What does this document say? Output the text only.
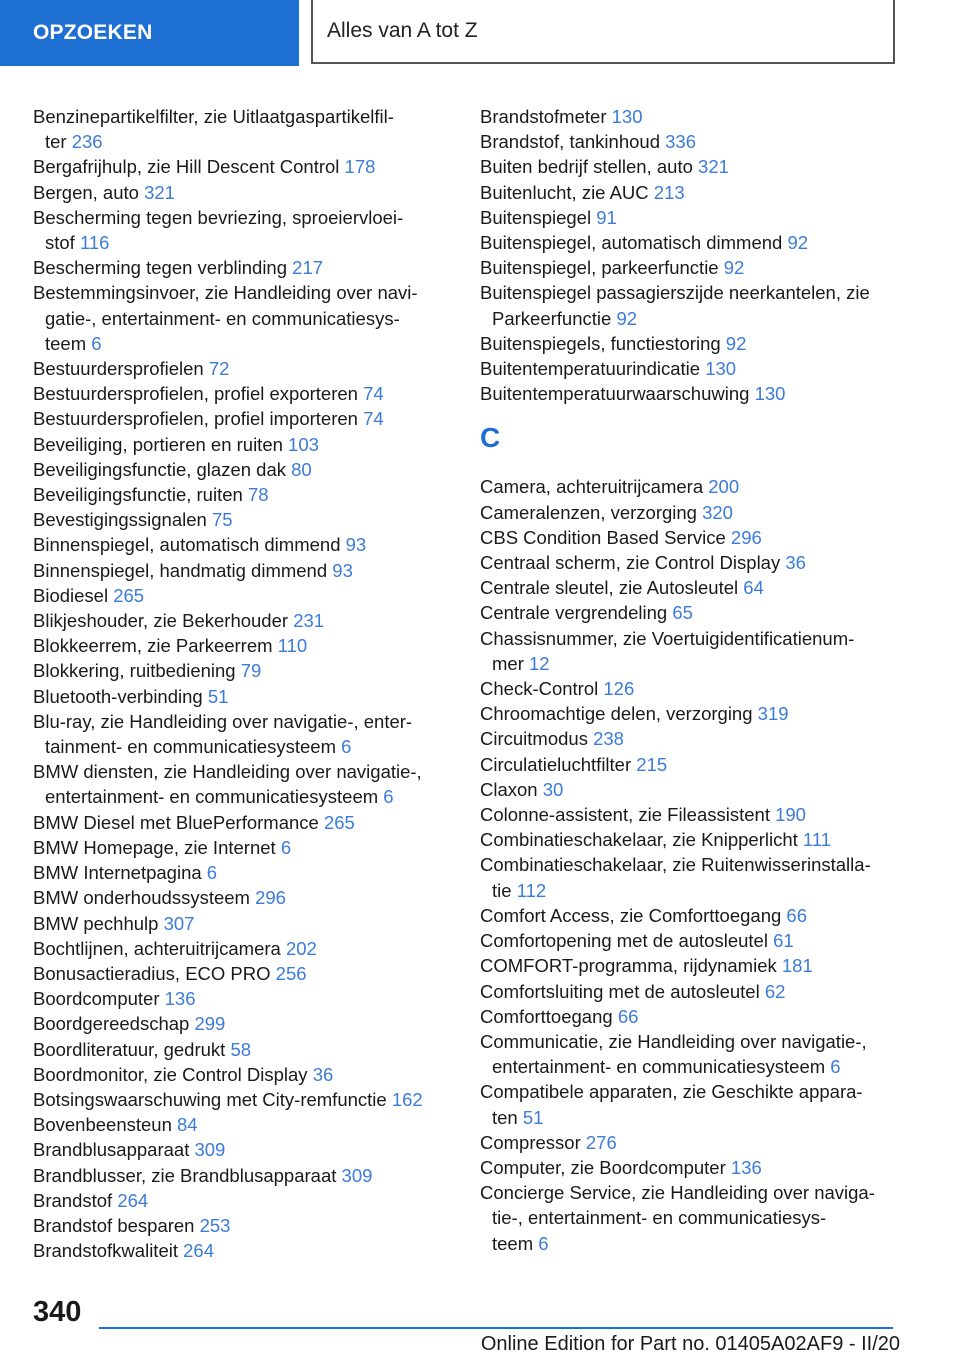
OPZOEKEN	Alles van A tot Z
Benzinepartikelfilter, zie Uitlaatgaspartikelfil-
ter 236
Bergafrijhulp, zie Hill Descent Control 178
Bergen, auto 321
Bescherming tegen bevriezing, sproeiervloei-
stof 116
Bescherming tegen verblinding 217
Bestemmingsinvoer, zie Handleiding over navi-
gatie-, entertainment- en communicatiesys-
teem 6
Bestuurdersprofielen 72
Bestuurdersprofielen, profiel exporteren 74
Bestuurdersprofielen, profiel importeren 74
Beveiliging, portieren en ruiten 103
Beveiligingsfunctie, glazen dak 80
Beveiligingsfunctie, ruiten 78
Bevestigingssignalen 75
Binnenspiegel, automatisch dimmend 93
Binnenspiegel, handmatig dimmend 93
Biodiesel 265
Blikjeshouder, zie Bekerhouder 231
Blokkeerrem, zie Parkeerrem 110
Blokkering, ruitbediening 79
Bluetooth-verbinding 51
Blu-ray, zie Handleiding over navigatie-, enter-
tainment- en communicatiesysteem 6
BMW diensten, zie Handleiding over navigatie-,
entertainment- en communicatiesysteem 6
BMW Diesel met BluePerformance 265
BMW Homepage, zie Internet 6
BMW Internetpagina 6
BMW onderhoudssysteem 296
BMW pechhulp 307
Bochtlijnen, achteruitrijcamera 202
Bonusactieradius, ECO PRO 256
Boordcomputer 136
Boordgereedschap 299
Boordliteratuur, gedrukt 58
Boordmonitor, zie Control Display 36
Botsingswaarschuwing met City-remfunctie 162
Bovenbeensteun 84
Brandblusapparaat 309
Brandblusser, zie Brandblusapparaat 309
Brandstof 264
Brandstof besparen 253
Brandstofkwaliteit 264
Brandstofmeter 130
Brandstof, tankinhoud 336
Buiten bedrijf stellen, auto 321
Buitenlucht, zie AUC 213
Buitenspiegel 91
Buitenspiegel, automatisch dimmend 92
Buitenspiegel, parkeerfunctie 92
Buitenspiegel passagierszijde neerkantelen, zie
Parkeerfunctie 92
Buitenspiegels, functiestoring 92
Buitentemperatuurindicatie 130
Buitentemperatuurwaarschuwing 130
C
Camera, achteruitrijcamera 200
Cameralenzen, verzorging 320
CBS Condition Based Service 296
Centraal scherm, zie Control Display 36
Centrale sleutel, zie Autosleutel 64
Centrale vergrendeling 65
Chassisnummer, zie Voertuigidentificatienum-
mer 12
Check-Control 126
Chroomachtige delen, verzorging 319
Circuitmodus 238
Circulatieluchtfilter 215
Claxon 30
Colonne-assistent, zie Fileassistent 190
Combinatieschakelaar, zie Knipperlicht 111
Combinatieschakelaar, zie Ruitenwisserinstalla-
tie 112
Comfort Access, zie Comforttoegang 66
Comfortopening met de autosleutel 61
COMFORT-programma, rijdynamiek 181
Comfortsluiting met de autosleutel 62
Comforttoegang 66
Communicatie, zie Handleiding over navigatie-,
entertainment- en communicatiesysteem 6
Compatibele apparaten, zie Geschikte appara-
ten 51
Compressor 276
Computer, zie Boordcomputer 136
Concierge Service, zie Handleiding over naviga-
tie-, entertainment- en communicatiesys-
teem 6
340
Online Edition for Part no. 01405A02AF9 - II/20
